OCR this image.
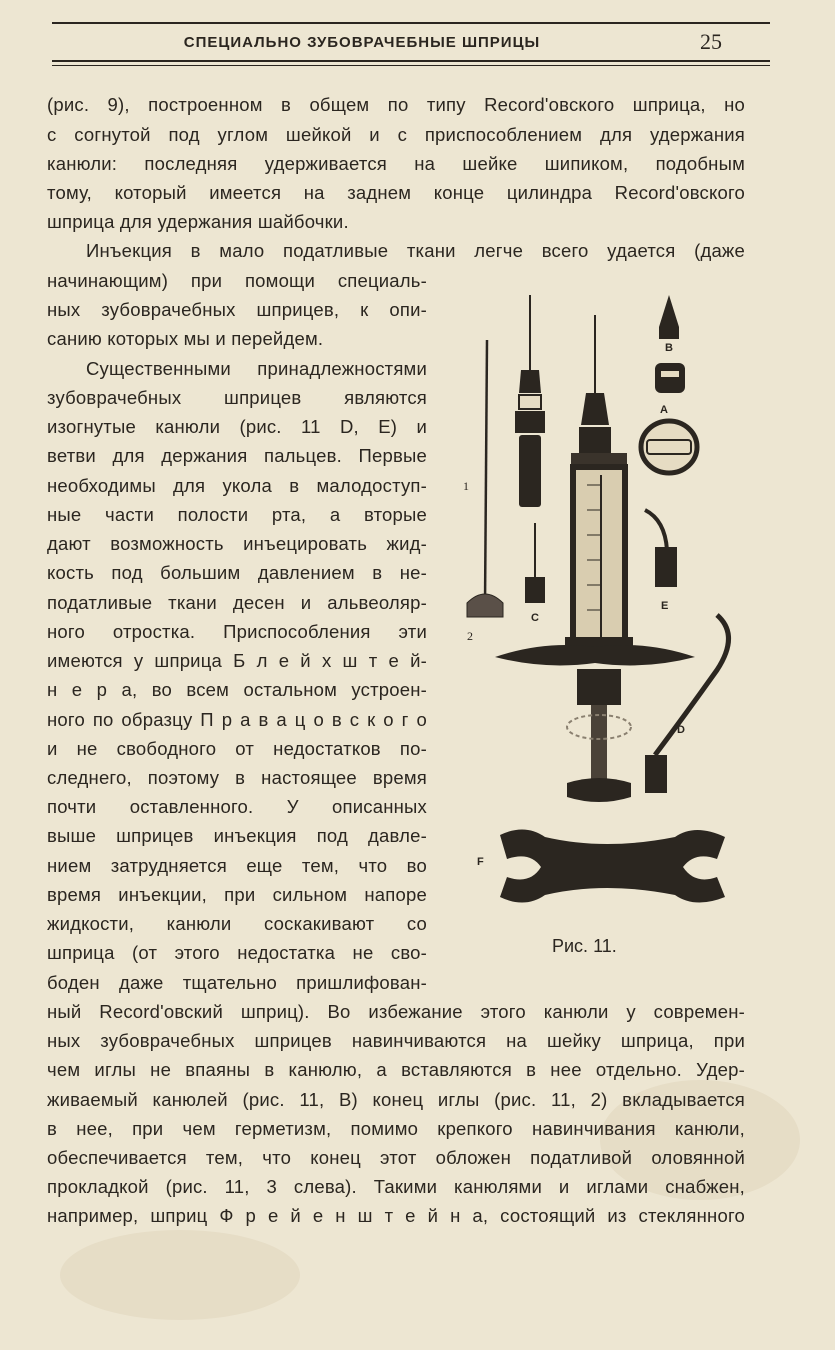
СПЕЦИАЛЬНО ЗУБОВРАЧЕБНЫЕ ШПРИЦЫ	25
(рис. 9), построенном в общем по типу Record'овского шприца, но
с согнутой под углом шейкой и с приспособлением для удержания
канюли: последняя удерживается на шейке шипиком, подобным
тому, который имеется на заднем конце цилиндра Record'овского
шприца для удержания шайбочки.
Инъекция в мало податливые ткани легче всего удается (даже
начинающим) при помощи специаль-
ных зубоврачебных шприцев, к опи-
санию которых мы и перейдем.
Существенными принадлежностями
зубоврачебных шприцев являются
изогнутые канюли (рис. 11 D, E) и
ветви для держания пальцев. Первые
необходимы для укола в малодоступ-
ные части полости рта, а вторые
дают возможность инъецировать жид-
кость под большим давлением в не-
податливые ткани десен и альвеоляр-
ного отростка. Приспособления эти
имеются у шприца Б л е й х ш т е й-
н е р а, во всем остальном устроен-
ного по образцу П р а в а ц о в с к о г о
и не свободного от недостатков по-
следнего, поэтому в настоящее время
почти оставленного. У описанных
выше шприцев инъекция под давле-
нием затрудняется еще тем, что во
время инъекции, при сильном напоре
жидкости, канюли соскакивают со
шприца (от этого недостатка не сво-
боден даже тщательно пришлифован-
ный Record'овский шприц). Во избежание этого канюли у современ-
ных зубоврачебных шприцев навинчиваются на шейку шприца, при
чем иглы не впаяны в канюлю, а вставляются в нее отдельно. Удер-
живаемый канюлей (рис. 11, B) конец иглы (рис. 11, 2) вкладывается
в нее, при чем герметизм, помимо крепкого навинчивания канюли,
обеспечивается тем, что конец этот обложен податливой оловянной
прокладкой (рис. 11, 3 слева). Такими канюлями и иглами снабжен,
например, шприц Ф р е й е н ш т е й н а, состоящий из стеклянного
1
2
C
B
A
E
D
F
Рис. 11.
